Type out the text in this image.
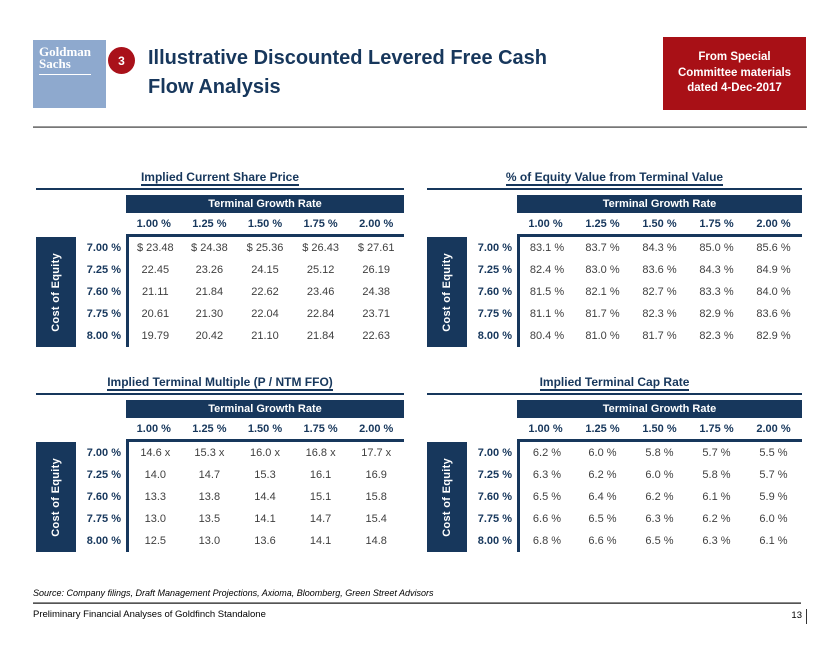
Goldman
Sachs	3	Illustrative Discounted Levered Free Cash
Flow Analysis
From Special
Committee materials
dated 4-Dec-2017
Implied Current Share Price
Terminal Growth Rate
1.00 %	1.25 %	1.50 %	1.75 %	2.00 %
Cost of Equity
7.00 %	$ 23.48	$ 24.38	$ 25.36	$ 26.43	$ 27.61
7.25 %	22.45	23.26	24.15	25.12	26.19
7.60 %	21.11	21.84	22.62	23.46	24.38
7.75 %	20.61	21.30	22.04	22.84	23.71
8.00 %	19.79	20.42	21.10	21.84	22.63
% of Equity Value from Terminal Value
Terminal Growth Rate
1.00 %	1.25 %	1.50 %	1.75 %	2.00 %
Cost of Equity
7.00 %	83.1 %	83.7 %	84.3 %	85.0 %	85.6 %
7.25 %	82.4 %	83.0 %	83.6 %	84.3 %	84.9 %
7.60 %	81.5 %	82.1 %	82.7 %	83.3 %	84.0 %
7.75 %	81.1 %	81.7 %	82.3 %	82.9 %	83.6 %
8.00 %	80.4 %	81.0 %	81.7 %	82.3 %	82.9 %
Implied Terminal Multiple (P / NTM FFO)
Terminal Growth Rate
1.00 %	1.25 %	1.50 %	1.75 %	2.00 %
Cost of Equity
7.00 %	14.6 x	15.3 x	16.0 x	16.8 x	17.7 x
7.25 %	14.0	14.7	15.3	16.1	16.9
7.60 %	13.3	13.8	14.4	15.1	15.8
7.75 %	13.0	13.5	14.1	14.7	15.4
8.00 %	12.5	13.0	13.6	14.1	14.8
Implied Terminal Cap Rate
Terminal Growth Rate
1.00 %	1.25 %	1.50 %	1.75 %	2.00 %
Cost of Equity
7.00 %	6.2 %	6.0 %	5.8 %	5.7 %	5.5 %
7.25 %	6.3 %	6.2 %	6.0 %	5.8 %	5.7 %
7.60 %	6.5 %	6.4 %	6.2 %	6.1 %	5.9 %
7.75 %	6.6 %	6.5 %	6.3 %	6.2 %	6.0 %
8.00 %	6.8 %	6.6 %	6.5 %	6.3 %	6.1 %
Source: Company filings, Draft Management Projections, Axioma, Bloomberg, Green Street Advisors
Preliminary Financial Analyses of Goldfinch Standalone	13
